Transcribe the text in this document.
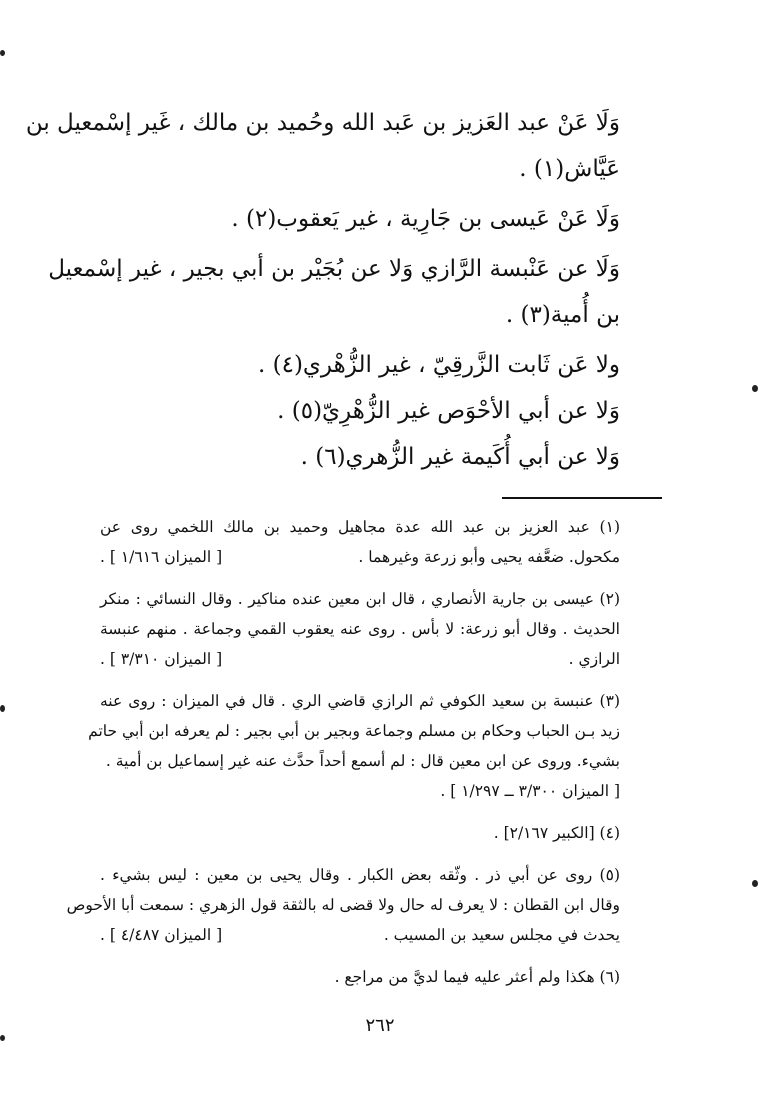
وَلَا عَنْ عبد العَزيز بن عَبد الله وحُميد بن مالك ، غَير إسْمعيل بن

عَيَّاش(١) .

وَلَا عَنْ عَيسى بن جَارِية ، غير يَعقوب(٢) .

وَلَا عن عَنْبسة الرَّازي وَلا عن بُجَيْر بن أبي بجير ، غير إسْمعيل

بن أُمية(٣) .

ولا عَن ثَابت الزَّرقِيّ ، غير الزُّهْري(٤) .

وَلا عن أبي الأحْوَص غير الزُّهْرِيّ(٥) .

وَلا عن أبي أُكَيمة غير الزُّهري(٦) .

(١) عبد العزيز بن عبد الله عدة مجاهيل وحميد بن مالك اللخمي روى عن

مكحول. ضعَّفه يحيى وأبو زرعة وغيرهما .
[ الميزان ١/٦١٦ ] .

(٢) عيسى بن جارية الأنصاري ، قال ابن معين عنده مناكير . وقال النسائي : منكر

الحديث . وقال أبو زرعة: لا بأس . روى عنه يعقوب القمي وجماعة . منهم عنبسة

الرازي .
[ الميزان ٣/٣١٠ ] .

(٣) عنبسة بن سعيد الكوفي ثم الرازي قاضي الري . قال في الميزان : روى عنه

زيد بـن الحباب وحكام بن مسلم وجماعة وبجير بن أبي بجير : لم يعرفه ابن أبي حاتم

بشيء. وروى عن ابن معين قال : لم أسمع أحداً حدَّث عنه غير إسماعيل بن أمية .

[ الميزان ٣/٣٠٠ ــ ١/٢٩٧ ] .

(٤) [الكبير ٢/١٦٧] .

(٥) روى عن أبي ذر . وثّقه بعض الكبار . وقال يحيى بن معين : ليس بشيء .

وقال ابن القطان : لا يعرف له حال ولا قضى له بالثقة قول الزهري : سمعت أبا الأحوص

يحدث في مجلس سعيد بن المسيب .
[ الميزان ٤/٤٨٧ ] .

(٦) هكذا ولم أعثر عليه فيما لديَّ من مراجع .

٢٦٢
